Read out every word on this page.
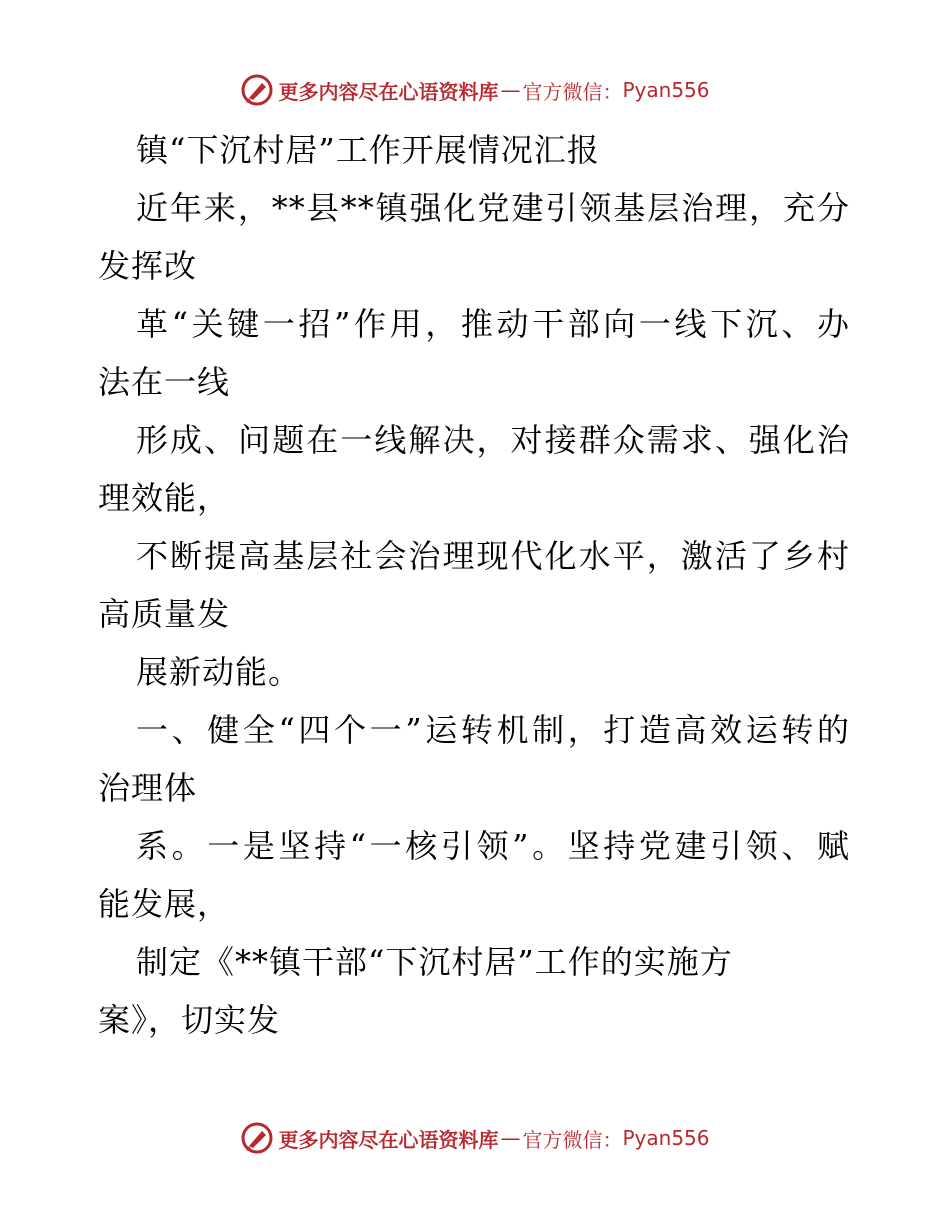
更多内容尽在心语资料库 — 官方微信： Pyan556
镇“下沉村居”工作开展情况汇报
近年来，**县**镇强化党建引领基层治理，充分
发挥改
革“关键一招”作用，推动干部向一线下沉、办
法在一线
形成、问题在一线解决，对接群众需求、强化治
理效能，
不断提高基层社会治理现代化水平，激活了乡村
高质量发
展新动能。
一、健全“四个一”运转机制，打造高效运转的
治理体
系。一是坚持“一核引领”。坚持党建引领、赋
能发展，
制定《**镇干部“下沉村居”工作的实施方
案》，切实发
更多内容尽在心语资料库 — 官方微信： Pyan556
